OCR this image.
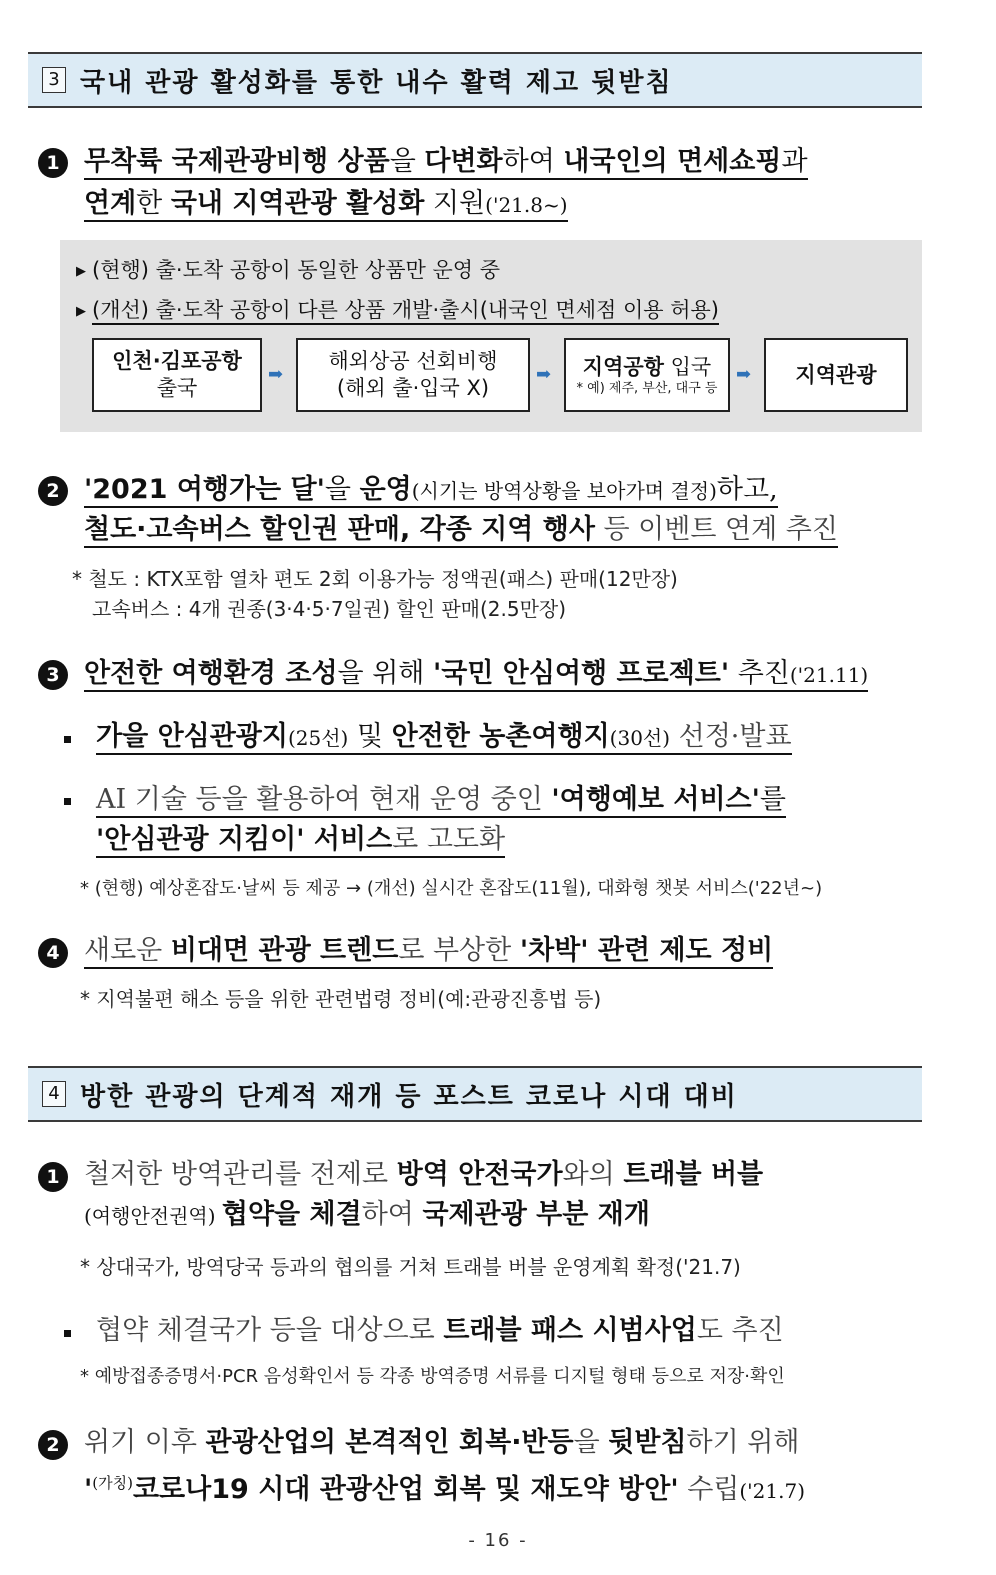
3 국내 관광 활성화를 통한 내수 활력 제고 뒷받침
1 무착륙 국제관광비행 상품을 다변화하여 내국인의 면세쇼핑과
연계한 국내 지역관광 활성화 지원('21.8~)
▶ (현행) 출·도착 공항이 동일한 상품만 운영 중
▶ (개선) 출·도착 공항이 다른 상품 개발·출시(내국인 면세점 이용 허용)
인천·김포공항
출국
➡
해외상공 선회비행
(해외 출·입국 X)
➡ 지역공항 입국
* 예) 제주, 부산, 대구 등
➡ 지역관광
2 '2021 여행가는 달'을 운영(시기는 방역상황을 보아가며 결정)하고,
철도·고속버스 할인권 판매, 각종 지역 행사 등 이벤트 연계 추진
* 철도 : KTX포함 열차 편도 2회 이용가능 정액권(패스) 판매(12만장)
고속버스 : 4개 권종(3·4·5·7일권) 할인 판매(2.5만장)
3 안전한 여행환경 조성을 위해 '국민 안심여행 프로젝트' 추진('21.11)
가을 안심관광지(25선) 및 안전한 농촌여행지(30선) 선정·발표
AI 기술 등을 활용하여 현재 운영 중인 '여행예보 서비스'를
'안심관광 지킴이' 서비스로 고도화
* (현행) 예상혼잡도·날씨 등 제공 → (개선) 실시간 혼잡도(11월), 대화형 챗봇 서비스('22년~)
4 새로운 비대면 관광 트렌드로 부상한 '차박' 관련 제도 정비
* 지역불편 해소 등을 위한 관련법령 정비(예:관광진흥법 등)
4 방한 관광의 단계적 재개 등 포스트 코로나 시대 대비
1 철저한 방역관리를 전제로 방역 안전국가와의 트래블 버블
(여행안전권역) 협약을 체결하여 국제관광 부분 재개
* 상대국가, 방역당국 등과의 협의를 거쳐 트래블 버블 운영계획 확정('21.7)
협약 체결국가 등을 대상으로 트래블 패스 시범사업도 추진
* 예방접종증명서·PCR 음성확인서 등 각종 방역증명 서류를 디지털 형태 등으로 저장·확인
2 위기 이후 관광산업의 본격적인 회복·반등을 뒷받침하기 위해
'$^{(가칭)}$코로나19 시대 관광산업 회복 및 재도약 방안' 수립('21.7)
- 16 -
